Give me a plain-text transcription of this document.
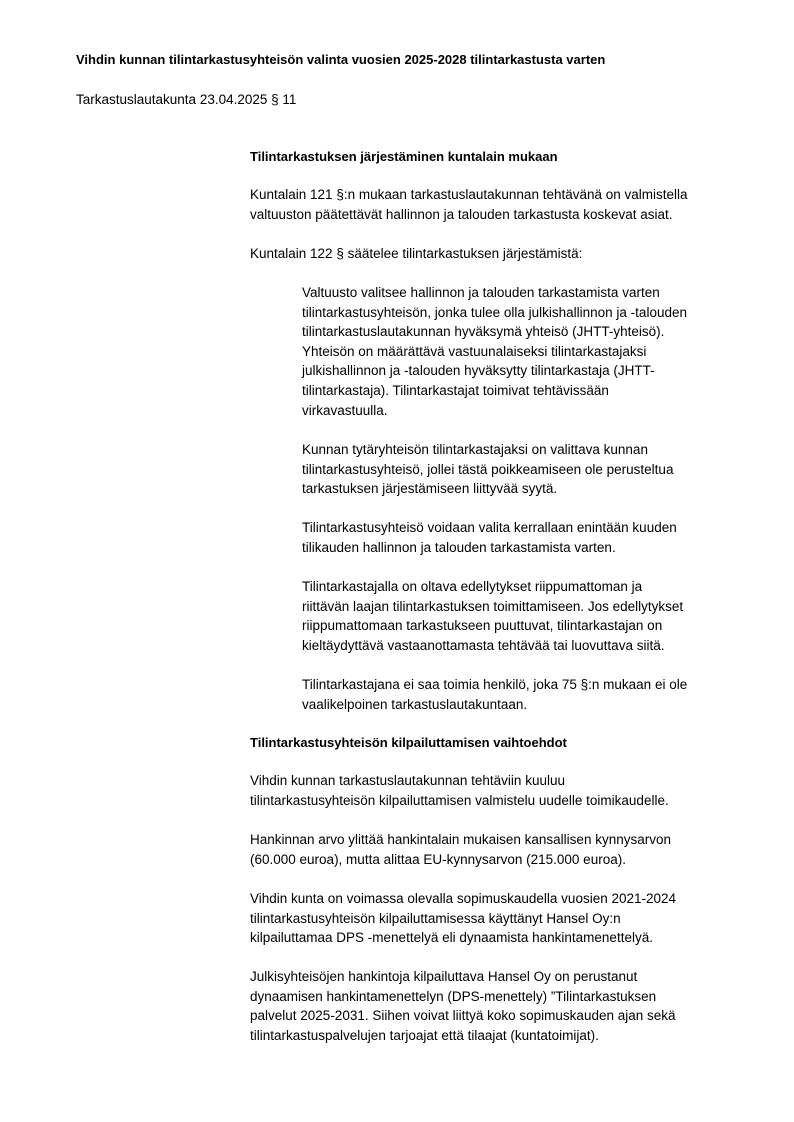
Vihdin kunnan tilintarkastusyhteisön valinta vuosien 2025-2028 tilintarkastusta varten
Tarkastuslautakunta 23.04.2025 § 11
Tilintarkastuksen järjestäminen kuntalain mukaan
Kuntalain 121 §:n mukaan tarkastuslautakunnan tehtävänä on valmistella
valtuuston päätettävät hallinnon ja talouden tarkastusta koskevat asiat.
Kuntalain 122 § säätelee tilintarkastuksen järjestämistä:
Valtuusto valitsee hallinnon ja talouden tarkastamista varten
tilintarkastusyhteisön, jonka tulee olla julkishallinnon ja -talouden
tilintarkastuslautakunnan hyväksymä yhteisö (JHTT-yhteisö).
Yhteisön on määrättävä vastuunalaiseksi tilintarkastajaksi
julkishallinnon ja -talouden hyväksytty tilintarkastaja (JHTT-
tilintarkastaja). Tilintarkastajat toimivat tehtävissään
virkavastuulla.
Kunnan tytäryhteisön tilintarkastajaksi on valittava kunnan
tilintarkastusyhteisö, jollei tästä poikkeamiseen ole perusteltua
tarkastuksen järjestämiseen liittyvää syytä.
Tilintarkastusyhteisö voidaan valita kerrallaan enintään kuuden
tilikauden hallinnon ja talouden tarkastamista varten.
Tilintarkastajalla on oltava edellytykset riippumattoman ja
riittävän laajan tilintarkastuksen toimittamiseen. Jos edellytykset
riippumattomaan tarkastukseen puuttuvat, tilintarkastajan on
kieltäydyttävä vastaanottamasta tehtävää tai luovuttava siitä.
Tilintarkastajana ei saa toimia henkilö, joka 75 §:n mukaan ei ole
vaalikelpoinen tarkastuslautakuntaan.
Tilintarkastusyhteisön kilpailuttamisen vaihtoehdot
Vihdin kunnan tarkastuslautakunnan tehtäviin kuuluu
tilintarkastusyhteisön kilpailuttamisen valmistelu uudelle toimikaudelle.
Hankinnan arvo ylittää hankintalain mukaisen kansallisen kynnysarvon
(60.000 euroa), mutta alittaa EU-kynnysarvon (215.000 euroa).
Vihdin kunta on voimassa olevalla sopimuskaudella vuosien 2021-2024
tilintarkastusyhteisön kilpailuttamisessa käyttänyt Hansel Oy:n
kilpailuttamaa DPS -menettelyä eli dynaamista hankintamenettelyä.
Julkisyhteisöjen hankintoja kilpailuttava Hansel Oy on perustanut
dynaamisen hankintamenettelyn (DPS-menettely) ”Tilintarkastuksen
palvelut 2025-2031. Siihen voivat liittyä koko sopimuskauden ajan sekä
tilintarkastuspalvelujen tarjoajat että tilaajat (kuntatoimijat).
